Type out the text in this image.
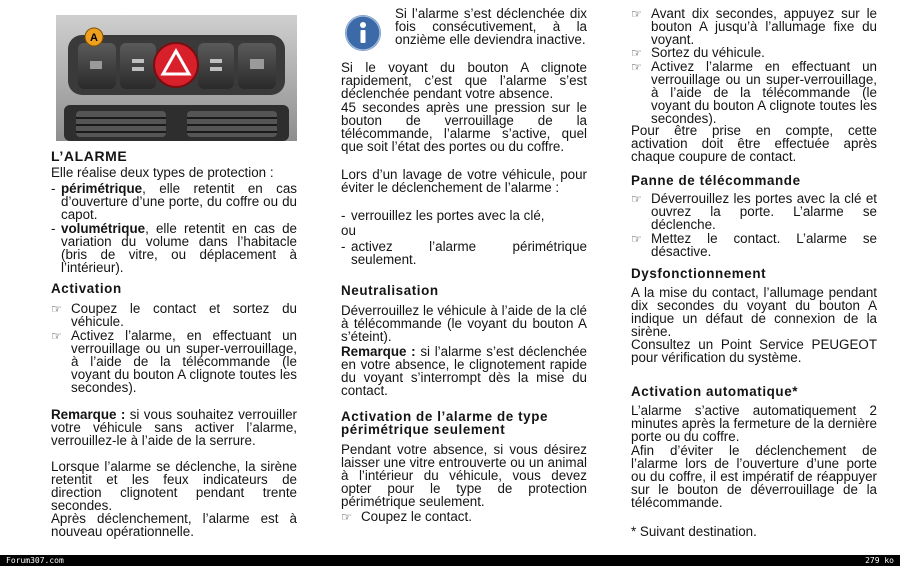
A
L’ALARME

Elle réalise deux types de protection :

- périmétrique, elle retentit en cas d’ouverture d’une porte, du coffre ou du capot.
- volumétrique, elle retentit en cas de variation du volume dans l’habitacle (bris de vitre, ou déplacement à l’intérieur).
Activation
☞ Coupez le contact et sortez du véhicule.
☞ Activez l’alarme, en effectuant un verrouillage ou un super-verrouillage, à l’aide de la télécommande (le voyant du bouton A clignote toutes les secondes).

Remarque : si vous souhaitez verrouiller votre véhicule sans activer l’alarme, verrouillez-le à l’aide de la serrure.

Lorsque l’alarme se déclenche, la sirène retentit et les feux indicateurs de direction clignotent pendant trente secondes.

Après déclenchement, l’alarme est à nouveau opérationnelle.

Si l’alarme s’est déclenchée dix fois consécutivement, à la onzième elle deviendra inactive.

Si le voyant du bouton A clignote rapidement, c’est que l’alarme s’est déclenchée pendant votre absence.

45 secondes après une pression sur le bouton de verrouillage de la télécommande, l’alarme s’active, quel que soit l’état des portes ou du coffre.

Lors d’un lavage de votre véhicule, pour éviter le déclenchement de l’alarme :

- verrouillez les portes avec la clé,

ou

- activez l’alarme périmétrique seulement.
Neutralisation

Déverrouillez le véhicule à l’aide de la clé à télécommande (le voyant du bouton A s’éteint).

Remarque : si l’alarme s’est déclenchée en votre absence, le clignotement rapide du voyant s’interrompt dès la mise du contact.

Activation de l’alarme de type périmétrique seulement

Pendant votre absence, si vous désirez laisser une vitre entrouverte ou un animal à l’intérieur du véhicule, vous devez opter pour le type de protection périmétrique seulement.

☞ Coupez le contact.
☞ Avant dix secondes, appuyez sur le bouton A jusqu’à l’allumage fixe du voyant.
☞ Sortez du véhicule.
☞ Activez l’alarme en effectuant un verrouillage ou un super-verrouillage, à l’aide de la télécommande (le voyant du bouton A clignote toutes les secondes).

Pour être prise en compte, cette activation doit être effectuée après chaque coupure de contact.

Panne de télécommande
☞ Déverrouillez les portes avec la clé et ouvrez la porte. L’alarme se déclenche.
☞ Mettez le contact. L’alarme se désactive.
Dysfonctionnement

A la mise du contact, l’allumage pendant dix secondes du voyant du bouton A indique un défaut de connexion de la sirène.

Consultez un Point Service PEUGEOT pour vérification du système.

Activation automatique*

L’alarme s’active automatiquement 2 minutes après la fermeture de la dernière porte ou du coffre.

Afin d’éviter le déclenchement de l’alarme lors de l’ouverture d’une porte ou du coffre, il est impératif de réappuyer sur le bouton de déverrouillage de la télécommande.

* Suivant destination.

Forum307.com	279 ko
